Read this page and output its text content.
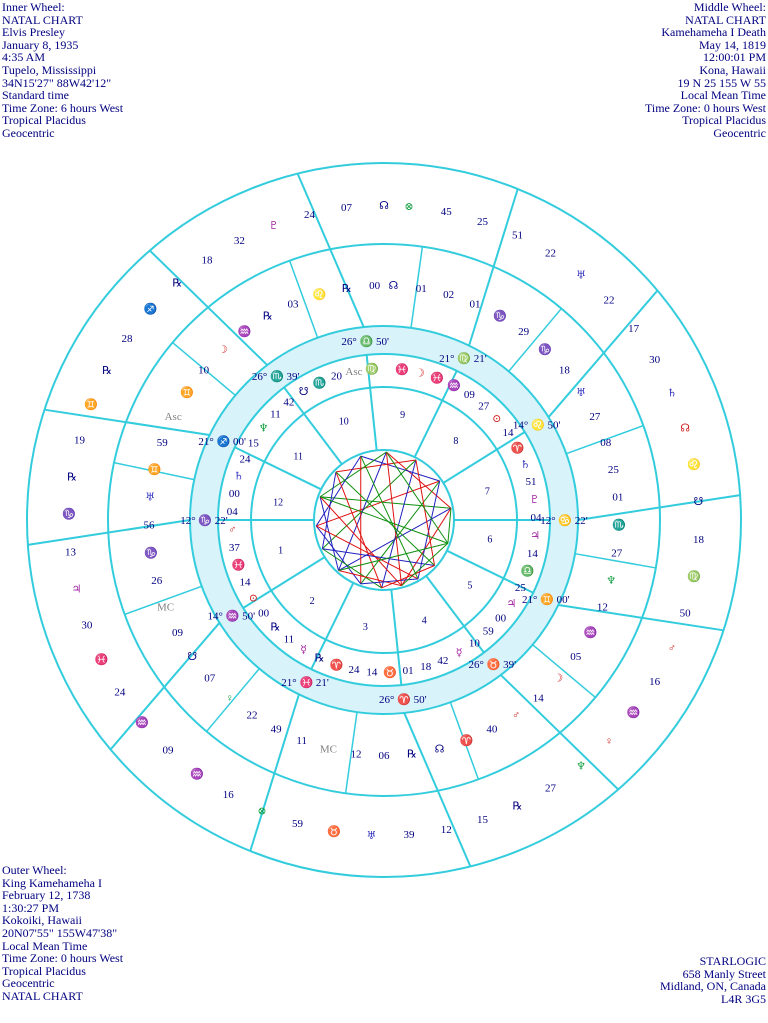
Inner Wheel:
NATAL CHART
Elvis Presley
January 8, 1935
4:35 AM
Tupelo, Mississippi
34N15'27" 88W42'12"
Standard time
Time Zone: 6 hours West
Tropical Placidus
Geocentric
Middle Wheel:
NATAL CHART
Kamehameha I Death
May 14, 1819
12:00:01 PM
Kona, Hawaii
19 N 25 155 W 55
Local Mean Time
Time Zone: 0 hours West
Tropical Placidus
Geocentric
Outer Wheel:
King Kamehameha I
February 12, 1738
1:30:27 PM
Kokoiki, Hawaii
20N07'55" 155W47'38"
Local Mean Time
Time Zone: 0 hours West
Tropical Placidus
Geocentric
NATAL CHART
STARLOGIC
658 Manly Street
Midland, ON, Canada
L4R 3G5
1
2
3
4
5
6
7
8
9
10
11
12
12° ♑ 22'
14° ♒ 50'
21° ♓ 21'
26° ♈ 50'
26° ♉ 39'
21° ♊ 00'
12° ♋ 22'
14° ♌ 50'
21° ♍ 21'
26° ♎ 50'
26° ♏ 39'
21° ♐ 00'
☊
00
♍
07
℞
Asc
24
♌
20
♇
03
♏
32
℞
☋
18
♒
42
℞
☽
11
♐
10
♆
28
♊
15
℞
Asc
24
♊
59
♄
19
♊
00
℞
♅
04
♑
56	♂
13	♑	37
♃
26
♓
30
MC
14
♓
09
⊙
24
☋
00
♒
07
℞
09
♀
11
♒
22
☿
16
49
℞
⊗
11
♈
59
MC
24
♉
12
14
♅
06
♉
39
℞
01
12
☊
18
15
♈
42
℞
40
☿
27
♂
10
♆
14
59
♀
☽
00
♒
05
♃
16
♒
25
♂
12
♎
50
♆
14
♍
27
♃	18
♏
04
☋
01
♇
♌
25
51
☊
08
♄
♄
27
♈
30
♅
14
17
18
⊙
22
♑
27
♅
29
09
22
♑
♒
51
01
♓
25
02
☽
45
01
♓
⊗
☊
